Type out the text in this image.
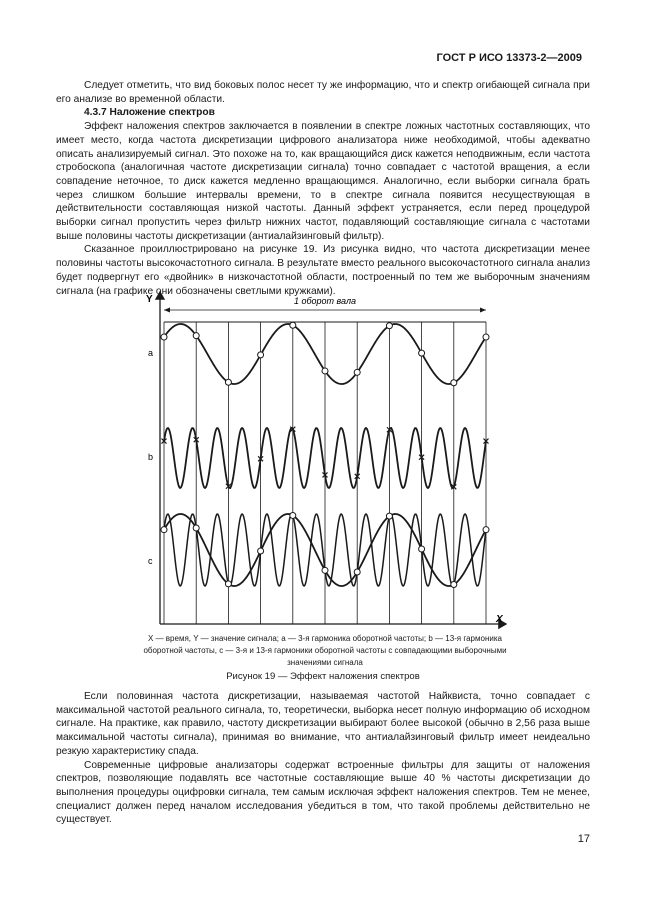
ГОСТ Р ИСО 13373-2—2009

Следует отметить, что вид боковых полос несет ту же информацию, что и спектр огибающей сигнала при его анализе во временной области.

4.3.7 Наложение спектров

Эффект наложения спектров заключается в появлении в спектре ложных частотных составляющих, что имеет место, когда частота дискретизации цифрового анализатора ниже необходимой, чтобы адекватно описать анализируемый сигнал. Это похоже на то, как вращающийся диск кажется неподвижным, если частота стробоскопа (аналогичная частоте дискретизации сигнала) точно совпадает с частотой вращения, а если совпадение неточное, то диск кажется медленно вращающимся. Аналогично, если выборки сигнала брать через слишком большие интервалы времени, то в спектре сигнала появится несуществующая в действительности составляющая низкой частоты. Данный эффект устраняется, если перед процедурой выборки сигнал пропустить через фильтр нижних частот, подавляющий составляющие сигнала с частотами выше половины частоты дискретизации (антиалайзинговый фильтр).

Сказанное проиллюстрировано на рисунке 19. Из рисунка видно, что частота дискретизации менее половины частоты высокочастотного сигнала. В результате вместо реального высокочастотного сигнала анализ будет подвергнут его «двойник» в низкочастотной области, построенный по тем же выборочным значениям сигнала (на графике они обозначены светлыми кружками).

1 оборот вала
Y
X
a
b
c
X — время, Y — значение сигнала; a — 3-я гармоника оборотной частоты; b — 13-я гармоника оборотной частоты, c — 3-я и 13-я гармоники оборотной частоты с совпадающими выборочными значениями сигнала
Рисунок 19 — Эффект наложения спектров

Если половинная частота дискретизации, называемая частотой Найквиста, точно совпадает с максимальной частотой реального сигнала, то, теоретически, выборка несет полную информацию об исходном сигнале. На практике, как правило, частоту дискретизации выбирают более высокой (обычно в 2,56 раза выше максимальной частоты сигнала), принимая во внимание, что антиалайзинговый фильтр имеет неидеально резкую характеристику спада.

Современные цифровые анализаторы содержат встроенные фильтры для защиты от наложения спектров, позволяющие подавлять все частотные составляющие выше 40 % частоты дискретизации до выполнения процедуры оцифровки сигнала, тем самым исключая эффект наложения спектров. Тем не менее, специалист должен перед началом исследования убедиться в том, что такой проблемы действительно не существует.

17
